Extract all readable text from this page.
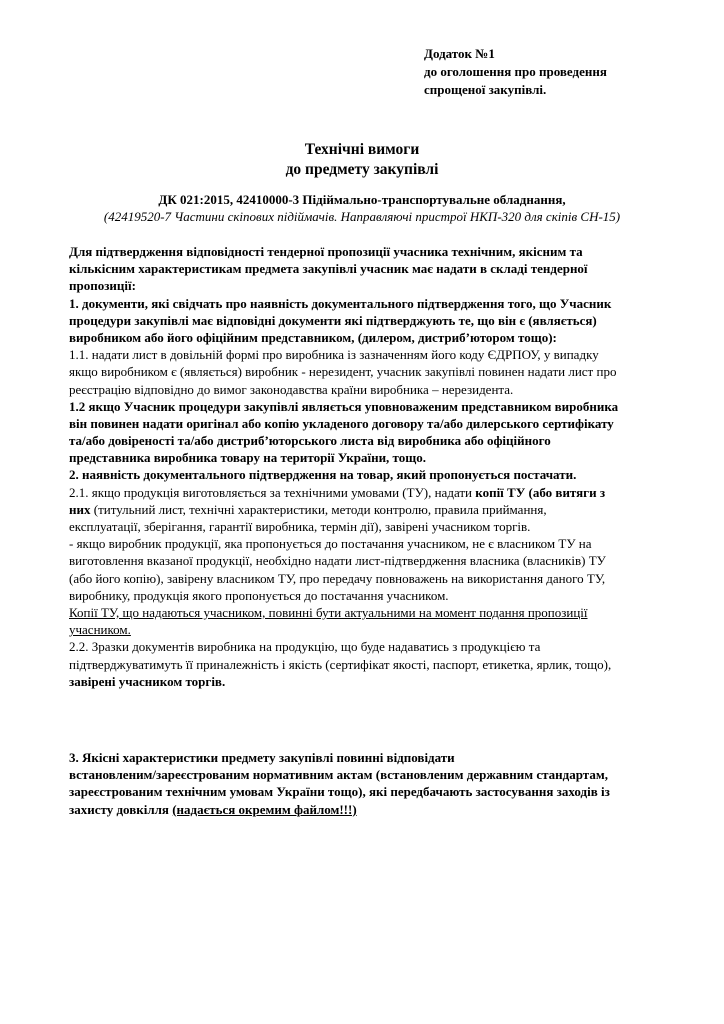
Додаток №1
до оголошення про проведення
спрощеної закупівлі.
Технічні вимоги
до предмету закупівлі
ДК 021:2015, 42410000-3 Підіймально-транспортувальне обладнання,
(42419520-7 Частини скіпових підіймачів. Направляючі пристрої НКП-320 для скіпів СН-15)
Для підтвердження відповідності тендерної пропозиції учасника технічним, якісним та
кількісним характеристикам предмета закупівлі учасник має надати в складі тендерної
пропозиції:
1. документи, які свідчать про наявність документального підтвердження того, що Учасник
процедури закупівлі має відповідні документи які підтверджують те, що він є (являється)
виробником або його офіційним представником, (дилером, дистриб’ютором тощо):
1.1. надати лист в довільній формі про виробника із зазначенням його коду ЄДРПОУ, у випадку
якщо виробником є (являється) виробник - нерезидент, учасник закупівлі повинен надати лист про
реєстрацію відповідно до вимог законодавства країни виробника – нерезидента.
1.2 якщо Учасник процедури закупівлі являється уповноваженим представником виробника
він повинен надати оригінал або копію укладеного договору та/або дилерського сертифікату
та/або довіреності та/або дистриб’юторського листа від виробника або офіційного
представника виробника товару на території України, тощо.
2. наявність документального підтвердження на товар, який пропонується постачати.
2.1. якщо продукція виготовляється за технічними умовами (ТУ), надати копії ТУ (або витяги з
них (титульний лист, технічні характеристики, методи контролю, правила приймання,
експлуатації, зберігання, гарантії виробника, термін дії), завірені учасником торгів.
- якщо виробник продукції, яка пропонується до постачання учасником, не є власником ТУ на
виготовлення вказаної продукції, необхідно надати лист-підтвердження власника (власників) ТУ
(або його копію), завірену власником ТУ, про передачу повноважень на використання даного ТУ,
виробнику, продукція якого пропонується до постачання учасником.
Копії ТУ, що надаються учасником, повинні бути актуальними на момент подання пропозиції
учасником.
2.2. Зразки документів виробника на продукцію, що буде надаватись з продукцією та
підтверджуватимуть її приналежність і якість (сертифікат якості, паспорт, етикетка, ярлик, тощо),
завірені учасником торгів.
3. Якісні характеристики предмету закупівлі повинні відповідати
встановленим/зареєстрованим нормативним актам (встановленим державним стандартам,
зареєстрованим технічним умовам України тощо), які передбачають застосування заходів із
захисту довкілля (надається окремим файлом!!!)
